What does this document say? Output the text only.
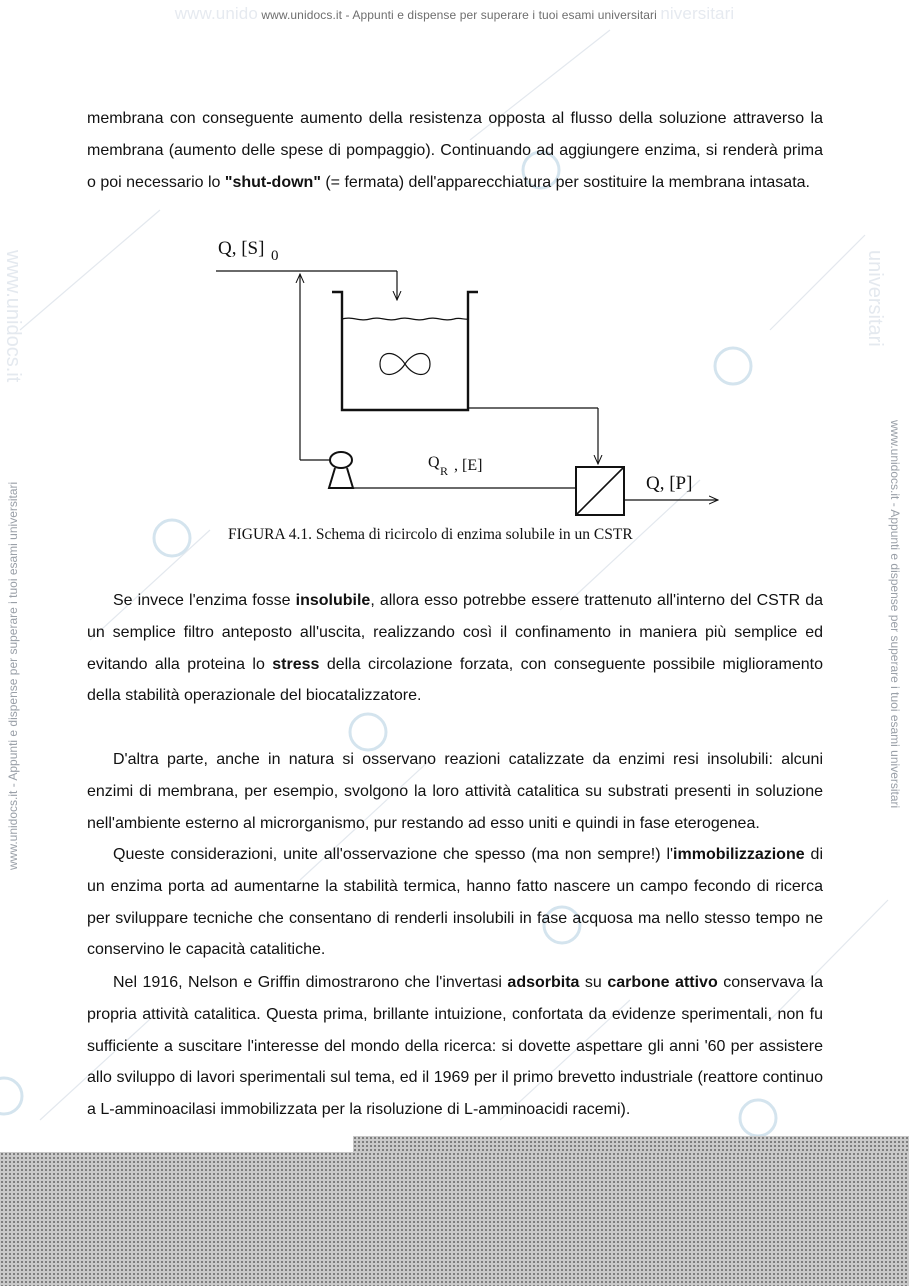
www.unido www.unidocs.it - Appunti e dispense per superare i tuoi esami universitari niversitari
www.unidocs.it	universitari
www.unidocs.it - Appunti e dispense per superare i tuoi esami universitari	www.unidocs.it - Appunti e dispense per superare i tuoi esami universitari

membrana con conseguente aumento della resistenza opposta al flusso della soluzione attraverso la membrana (aumento delle spese di pompaggio). Continuando ad aggiungere enzima, si renderà prima o poi necessario lo "shut-down" (= fermata) dell'apparecchiatura per sostituire la membrana intasata.

Q, [S] 0
Q R , [E]
Q, [P]
FIGURA 4.1. Schema di ricircolo di enzima solubile in un CSTR

Se invece l'enzima fosse insolubile, allora esso potrebbe essere trattenuto all'interno del CSTR da un semplice filtro anteposto all'uscita, realizzando così il confinamento in maniera più semplice ed evitando alla proteina lo stress della circolazione forzata, con conseguente possibile miglioramento della stabilità operazionale del biocatalizzatore.

D'altra parte, anche in natura si osservano reazioni catalizzate da enzimi resi insolubili: alcuni enzimi di membrana, per esempio, svolgono la loro attività catalitica su substrati presenti in soluzione nell'ambiente esterno al microrganismo, pur restando ad esso uniti e quindi in fase eterogenea.

Queste considerazioni, unite all'osservazione che spesso (ma non sempre!) l'immobilizzazione di un enzima porta ad aumentarne la stabilità termica, hanno fatto nascere un campo fecondo di ricerca per sviluppare tecniche che consentano di renderli insolubili in fase acquosa ma nello stesso tempo ne conservino le capacità catalitiche.

Nel 1916, Nelson e Griffin dimostrarono che l'invertasi adsorbita su carbone attivo conservava la propria attività catalitica. Questa prima, brillante intuizione, confortata da evidenze sperimentali, non fu sufficiente a suscitare l'interesse del mondo della ricerca: si dovette aspettare gli anni '60 per assistere allo sviluppo di lavori sperimentali sul tema, ed il 1969 per il primo brevetto industriale (reattore continuo a L-amminoacilasi immobilizzata per la risoluzione di L-amminoacidi racemi).
